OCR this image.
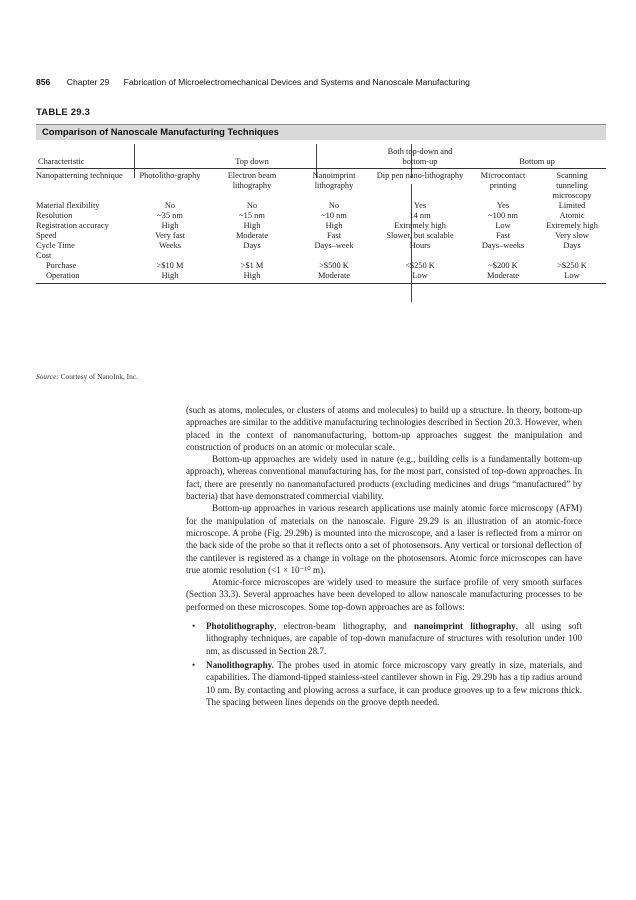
856 Chapter 29 Fabrication of Microelectromechanical Devices and Systems and Nanoscale Manufacturing
TABLE 29.3
Comparison of Nanoscale Manufacturing Techniques
Characteristic	Top down			Both top-down and bottom-up	Bottom up	
Nanopatterning technique	Photolitho-graphy	Electron beam lithography	Nanoimprint lithography	Dip pen nano-lithography	Microcontact printing	Scanning tunneling microscopy
Material flexibility	No	No	No	Yes	Yes	Limited
Resolution	~35 nm	~15 nm	~10 nm	14 nm	~100 nm	Atomic
Registration accuracy	High	High	High	Extremely high	Low	Extremely high
Speed	Very fast	Moderate	Fast	Slower, but scalable	Fast	Very slow
Cycle Time	Weeks	Days	Days–week	Hours	Days–weeks	Days
Cost						
Purchase	>$10 M	>$1 M	>$500 K	<$250 K	~$200 K	>$250 K
Operation	High	High	Moderate	Low	Moderate	Low
Source: Courtesy of NanoInk, Inc.

(such as atoms, molecules, or clusters of atoms and molecules) to build up a structure. In theory, bottom-up approaches are similar to the additive manufacturing technologies described in Section 20.3. However, when placed in the context of nanomanufacturing, bottom-up approaches suggest the manipulation and construction of products on an atomic or molecular scale.

Bottom-up approaches are widely used in nature (e.g., building cells is a fundamentally bottom-up approach), whereas conventional manufacturing has, for the most part, consisted of top-down approaches. In fact, there are presently no nanomanufactured products (excluding medicines and drugs “manufactured” by bacteria) that have demonstrated commercial viability.

Bottom-up approaches in various research applications use mainly atomic force microscopy (AFM) for the manipulation of materials on the nanoscale. Figure 29.29 is an illustration of an atomic-force microscope. A probe (Fig. 29.29b) is mounted into the microscope, and a laser is reflected from a mirror on the back side of the probe so that it reflects onto a set of photosensors. Any vertical or torsional deflection of the cantilever is registered as a change in voltage on the photosensors. Atomic force microscopes can have true atomic resolution (<1 × 10⁻¹⁰ m).

Atomic-force microscopes are widely used to measure the surface profile of very smooth surfaces (Section 33.3). Several approaches have been developed to allow nanoscale manufacturing processes to be performed on these microscopes. Some top-down approaches are as follows:

• Photolithography, electron-beam lithography, and nanoimprint lithography, all using soft lithography techniques, are capable of top-down manufacture of structures with resolution under 100 nm, as discussed in Section 28.7.
• Nanolithography. The probes used in atomic force microscopy vary greatly in size, materials, and capabilities. The diamond-tipped stainless-steel cantilever shown in Fig. 29.29b has a tip radius around 10 nm. By contacting and plowing across a surface, it can produce grooves up to a few microns thick. The spacing between lines depends on the groove depth needed.
